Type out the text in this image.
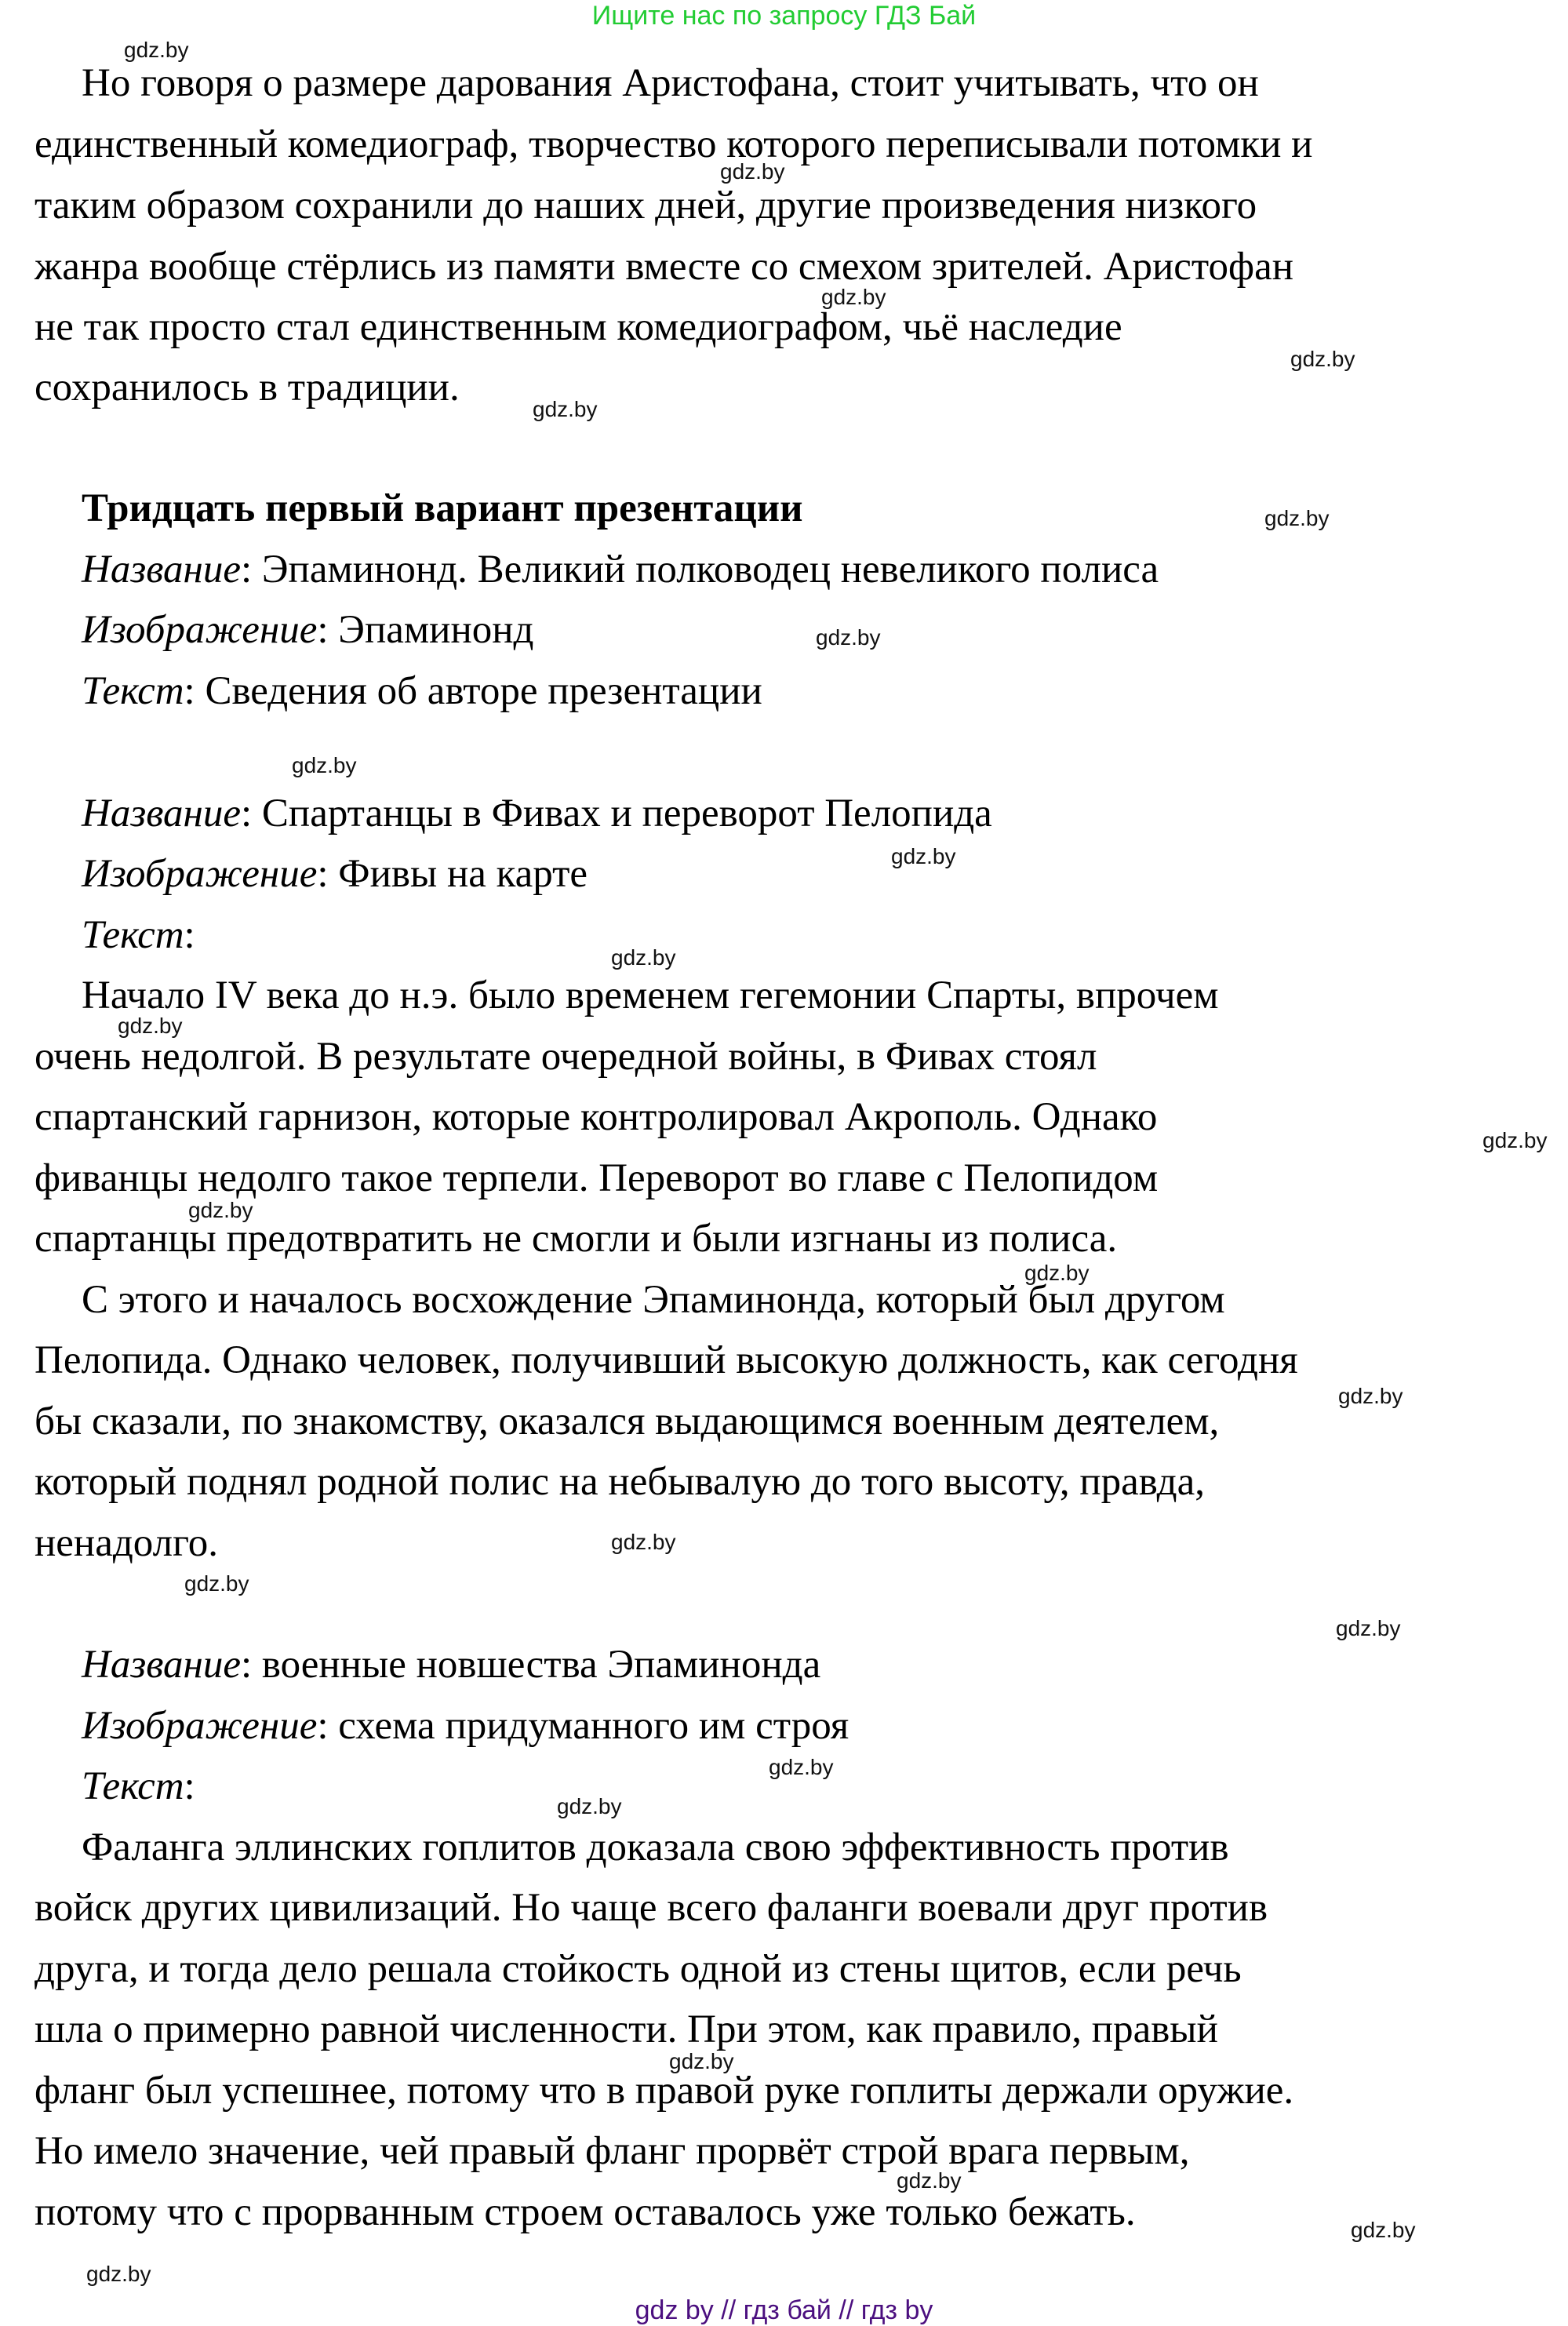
Ищите нас по запросу ГДЗ Бай
Но говоря о размере дарования Аристофана, стоит учитывать, что он
единственный комедиограф, творчество которого переписывали потомки и
таким образом сохранили до наших дней, другие произведения низкого
жанра вообще стёрлись из памяти вместе со смехом зрителей. Аристофан
не так просто стал единственным комедиографом, чьё наследие
сохранилось в традиции.
Тридцать первый вариант презентации
Название: Эпаминонд. Великий полководец невеликого полиса
Изображение: Эпаминонд
Текст: Сведения об авторе презентации
Название: Спартанцы в Фивах и переворот Пелопида
Изображение: Фивы на карте
Текст:
Начало IV века до н.э. было временем гегемонии Спарты, впрочем
очень недолгой. В результате очередной войны, в Фивах стоял
спартанский гарнизон, которые контролировал Акрополь. Однако
фиванцы недолго такое терпели. Переворот во главе с Пелопидом
спартанцы предотвратить не смогли и были изгнаны из полиса.
С этого и началось восхождение Эпаминонда, который был другом
Пелопида. Однако человек, получивший высокую должность, как сегодня
бы сказали, по знакомству, оказался выдающимся военным деятелем,
который поднял родной полис на небывалую до того высоту, правда,
ненадолго.
Название: военные новшества Эпаминонда
Изображение: схема придуманного им строя
Текст:
Фаланга эллинских гоплитов доказала свою эффективность против
войск других цивилизаций. Но чаще всего фаланги воевали друг против
друга, и тогда дело решала стойкость одной из стены щитов, если речь
шла о примерно равной численности. При этом, как правило, правый
фланг был успешнее, потому что в правой руке гоплиты держали оружие.
Но имело значение, чей правый фланг прорвёт строй врага первым,
потому что с прорванным строем оставалось уже только бежать.
gdz.by
gdz.by
gdz.by
gdz.by
gdz.by
gdz.by
gdz.by
gdz.by
gdz.by
gdz.by
gdz.by
gdz.by
gdz.by
gdz.by
gdz.by
gdz.by
gdz.by
gdz.by
gdz.by
gdz.by
gdz.by
gdz.by
gdz.by
gdz.by
gdz by // гдз бай // гдз by
